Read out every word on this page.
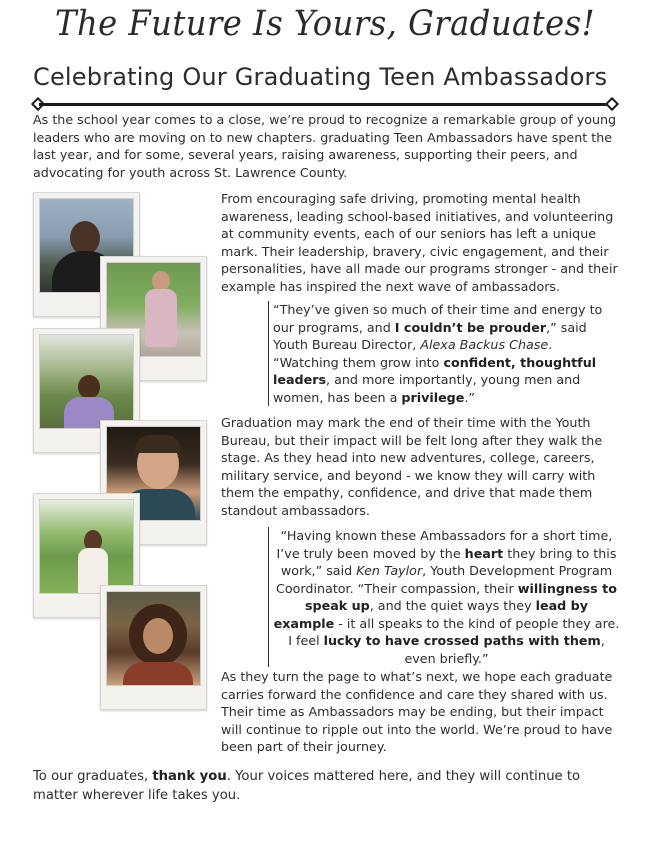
The Future Is Yours, Graduates!
Celebrating Our Graduating Teen Ambassadors

As the school year comes to a close, we’re proud to recognize a remarkable group of young leaders who are moving on to new chapters. graduating Teen Ambassadors have spent the last year, and for some, several years, raising awareness, supporting their peers, and advocating for youth across St. Lawrence County.

From encouraging safe driving, promoting mental health awareness, leading school-based initiatives, and volunteering at community events, each of our seniors has left a unique mark. Their leadership, bravery, civic engagement, and their personalities, have all made our programs stronger - and their example has inspired the next wave of ambassadors.

“They’ve given so much of their time and energy to our programs, and I couldn’t be prouder,” said Youth Bureau Director, Alexa Backus Chase. “Watching them grow into confident, thoughtful leaders, and more importantly, young men and women, has been a privilege.”

Graduation may mark the end of their time with the Youth Bureau, but their impact will be felt long after they walk the stage. As they head into new adventures, college, careers, military service, and beyond - we know they will carry with them the empathy, confidence, and drive that made them standout ambassadors.

“Having known these Ambassadors for a short time, I’ve truly been moved by the heart they bring to this work,” said Ken Taylor, Youth Development Program Coordinator. “Their compassion, their willingness to speak up, and the quiet ways they lead by example - it all speaks to the kind of people they are. I feel lucky to have crossed paths with them, even briefly.”

As they turn the page to what’s next, we hope each graduate carries forward the confidence and care they shared with us. Their time as Ambassadors may be ending, but their impact will continue to ripple out into the world. We’re proud to have been part of their journey.

To our graduates, thank you. Your voices mattered here, and they will continue to matter wherever life takes you.
